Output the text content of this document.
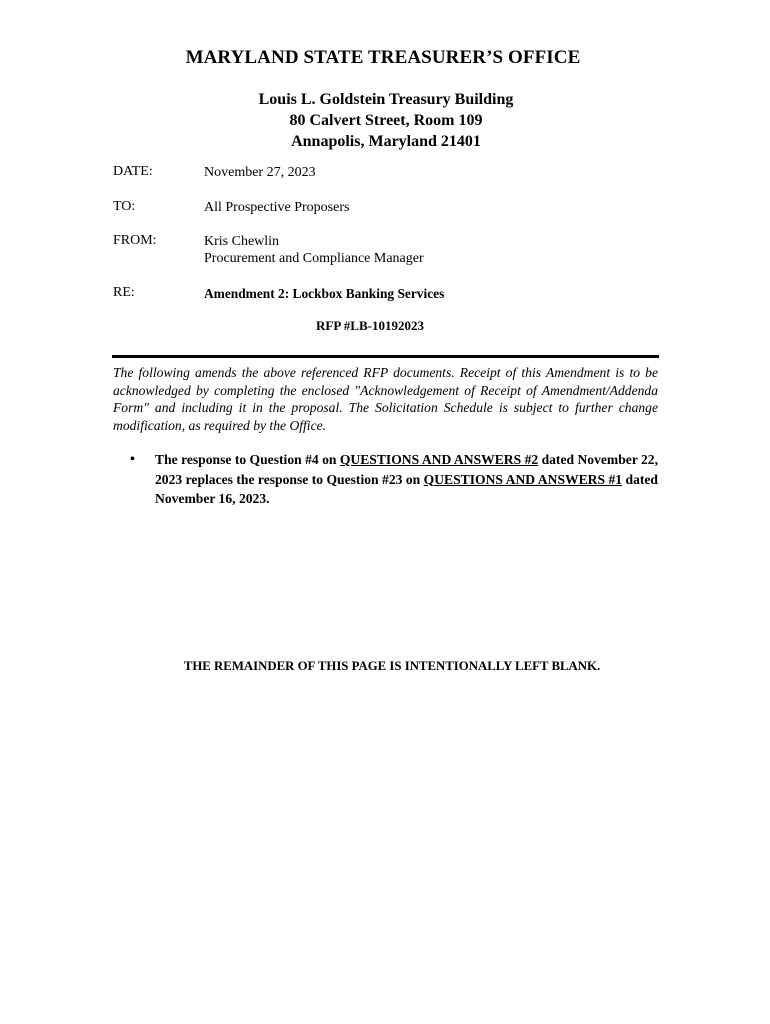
MARYLAND STATE TREASURER’S OFFICE
Louis L. Goldstein Treasury Building
80 Calvert Street, Room 109
Annapolis, Maryland 21401
DATE:	November 27, 2023
TO:	All Prospective Proposers
FROM:	Kris Chewlin
Procurement and Compliance Manager
RE:	Amendment 2: Lockbox Banking Services
RFP #LB-10192023
The following amends the above referenced RFP documents. Receipt of this Amendment is to be acknowledged by completing the enclosed "Acknowledgement of Receipt of Amendment/Addenda Form" and including it in the proposal. The Solicitation Schedule is subject to further change modification, as required by the Office.
• The response to Question #4 on QUESTIONS AND ANSWERS #2 dated November 22, 2023 replaces the response to Question #23 on QUESTIONS AND ANSWERS #1 dated November 16, 2023.
THE REMAINDER OF THIS PAGE IS INTENTIONALLY LEFT BLANK.
